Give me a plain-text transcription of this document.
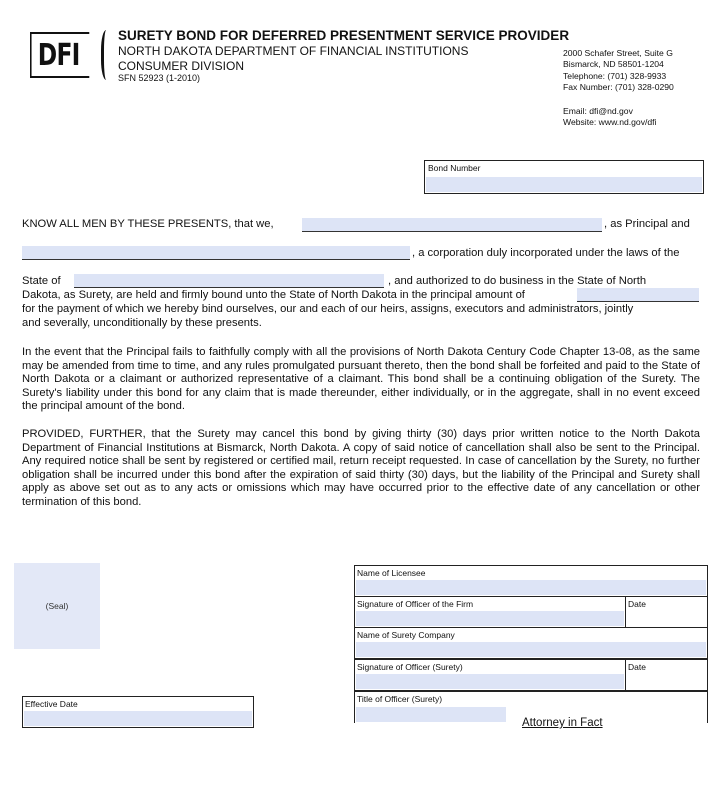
DFI
SURETY BOND FOR DEFERRED PRESENTMENT SERVICE PROVIDER
NORTH DAKOTA DEPARTMENT OF FINANCIAL INSTITUTIONS
CONSUMER DIVISION
SFN 52923 (1-2010)
2000 Schafer Street, Suite G
Bismarck, ND 58501-1204
Telephone: (701) 328-9933
Fax Number: (701) 328-0290
Email: dfi@nd.gov
Website: www.nd.gov/dfi
Bond Number
KNOW ALL MEN BY THESE PRESENTS, that we,	, as Principal and
, a corporation duly incorporated under the laws of the
State of	, and authorized to do business in the State of North
Dakota, as Surety, are held and firmly bound unto the State of North Dakota in the principal amount of
for the payment of which we hereby bind ourselves, our and each of our heirs, assigns, executors and administrators, jointly
and severally, unconditionally by these presents.

In the event that the Principal fails to faithfully comply with all the provisions of North Dakota Century Code Chapter 13-08, as the same may be amended from time to time, and any rules promulgated pursuant thereto, then the bond shall be forfeited and paid to the State of North Dakota or a claimant or authorized representative of a claimant. This bond shall be a continuing obligation of the Surety. The Surety's liability under this bond for any claim that is made thereunder, either individually, or in the aggregate, shall in no event exceed the principal amount of the bond.

PROVIDED, FURTHER, that the Surety may cancel this bond by giving thirty (30) days prior written notice to the North Dakota Department of Financial Institutions at Bismarck, North Dakota. A copy of said notice of cancellation shall also be sent to the Principal. Any required notice shall be sent by registered or certified mail, return receipt requested. In case of cancellation by the Surety, no further obligation shall be incurred under this bond after the expiration of said thirty (30) days, but the liability of the Principal and Surety shall apply as above set out as to any acts or omissions which may have occurred prior to the effective date of any cancellation or other termination of this bond.

(Seal)
Effective Date
Name of Licensee
Signature of Officer of the Firm	Date
Name of Surety Company
Signature of Officer (Surety)	Date
Title of Officer (Surety)
Attorney in Fact
